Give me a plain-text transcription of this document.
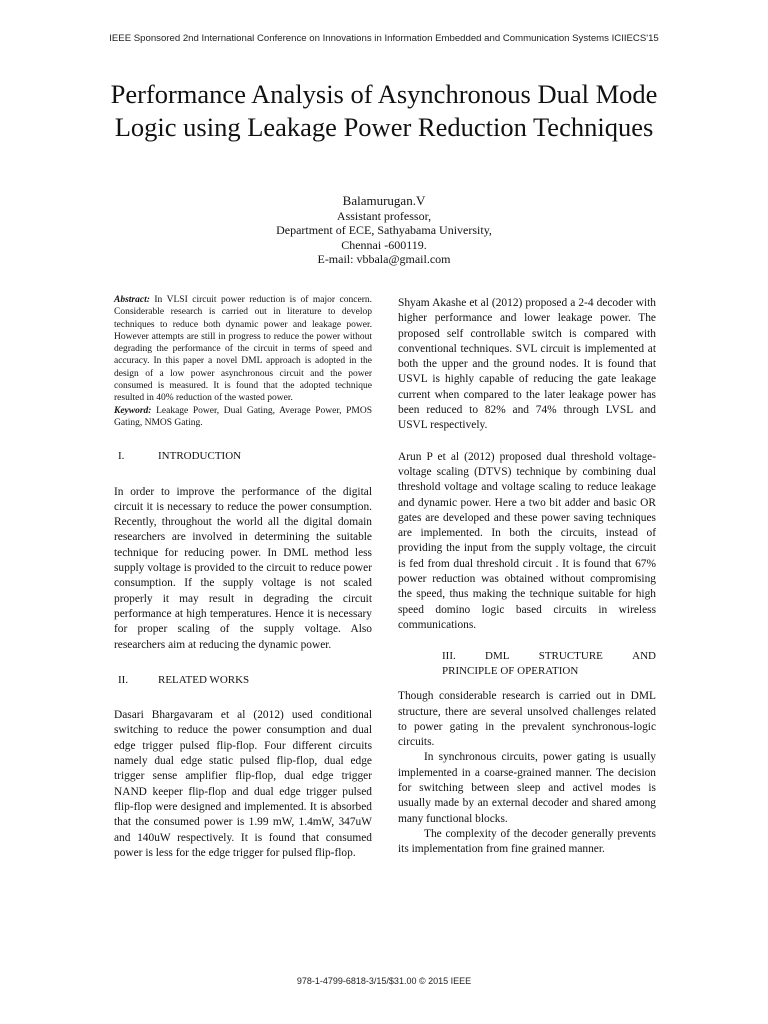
IEEE Sponsored 2nd International Conference on Innovations in Information Embedded and Communication Systems ICIIECS'15
Performance Analysis of Asynchronous Dual Mode Logic using Leakage Power Reduction Techniques
Balamurugan.V
Assistant professor,
Department of ECE, Sathyabama University,
Chennai -600119.
E-mail: vbbala@gmail.com

Abstract: In VLSI circuit power reduction is of major concern. Considerable research is carried out in literature to develop techniques to reduce both dynamic power and leakage power. However attempts are still in progress to reduce the power without degrading the performance of the circuit in terms of speed and accuracy. In this paper a novel DML approach is adopted in the design of a low power asynchronous circuit and the power consumed is measured. It is found that the adopted technique resulted in 40% reduction of the wasted power.

Keyword: Leakage Power, Dual Gating, Average Power, PMOS Gating, NMOS Gating.

I.	INTRODUCTION

In order to improve the performance of the digital circuit it is necessary to reduce the power consumption. Recently, throughout the world all the digital domain researchers are involved in determining the suitable technique for reducing power. In DML method less supply voltage is provided to the circuit to reduce power consumption. If the supply voltage is not scaled properly it may result in degrading the circuit performance at high temperatures. Hence it is necessary for proper scaling of the supply voltage. Also researchers aim at reducing the dynamic power.

II.	RELATED WORKS

Dasari Bhargavaram et al (2012) used conditional switching to reduce the power consumption and dual edge trigger pulsed flip-flop. Four different circuits namely dual edge static pulsed flip-flop, dual edge trigger sense amplifier flip-flop, dual edge trigger NAND keeper flip-flop and dual edge trigger pulsed flip-flop were designed and implemented. It is absorbed that the consumed power is 1.99 mW, 1.4mW, 347uW and 140uW respectively. It is found that consumed power is less for the edge trigger for pulsed flip-flop.

Shyam Akashe et al (2012) proposed a 2-4 decoder with higher performance and lower leakage power. The proposed self controllable switch is compared with conventional techniques. SVL circuit is implemented at both the upper and the ground nodes. It is found that USVL is highly capable of reducing the gate leakage current when compared to the later leakage power has been reduced to 82% and 74% through LVSL and USVL respectively.

Arun P et al (2012) proposed dual threshold voltage-voltage scaling (DTVS) technique by combining dual threshold voltage and voltage scaling to reduce leakage and dynamic power. Here a two bit adder and basic OR gates are developed and these power saving techniques are implemented. In both the circuits, instead of providing the input from the supply voltage, the circuit is fed from dual threshold circuit . It is found that 67% power reduction was obtained without compromising the speed, thus making the technique suitable for high speed domino logic based circuits in wireless communications.

III.	DML	STRUCTURE	AND
PRINCIPLE OF OPERATION

Though considerable research is carried out in DML structure, there are several unsolved challenges related to power gating in the prevalent synchronous-logic circuits.

In synchronous circuits, power gating is usually implemented in a coarse-grained manner. The decision for switching between sleep and activel modes is usually made by an external decoder and shared among many functional blocks.

The complexity of the decoder generally prevents its implementation from fine grained manner.

978-1-4799-6818-3/15/$31.00 © 2015 IEEE
